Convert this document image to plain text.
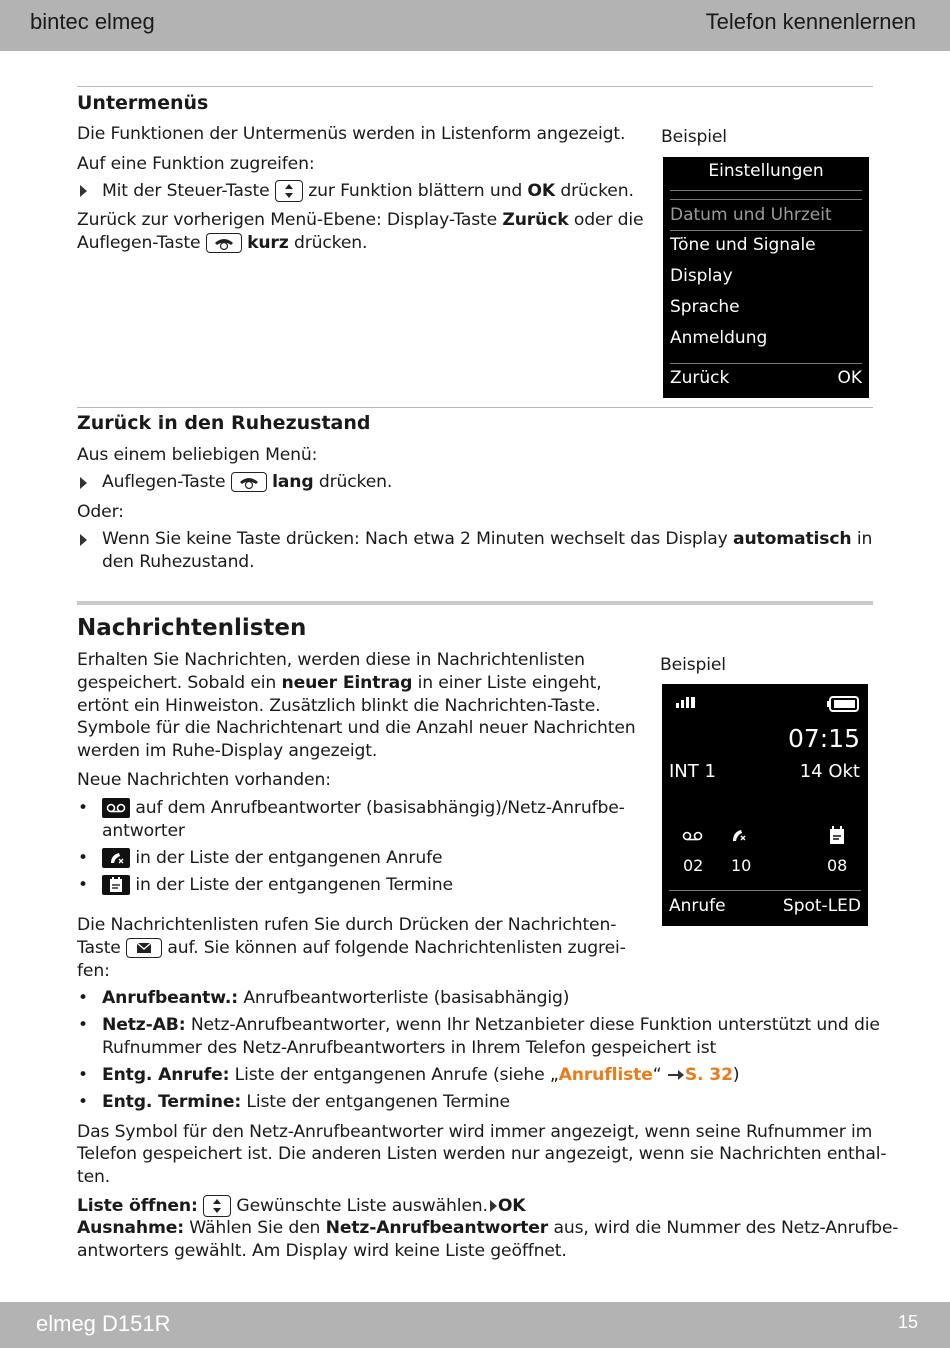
bintec elmeg	Telefon kennenlernen
Untermenüs
Die Funktionen der Untermenüs werden in Listenform angezeigt.
Auf eine Funktion zugreifen:
Mit der Steuer-Taste zur Funktion blättern und OK drücken.
Zurück zur vorherigen Menü-Ebene: Display-Taste Zurück oder die
Auflegen-Taste	kurz drücken.
Beispiel
Einstellungen
Datum und Uhrzeit
Töne und Signale
Display
Sprache
Anmeldung
Zurück	OK
Zurück in den Ruhezustand
Aus einem beliebigen Menü:
Auflegen-Taste	lang drücken.
Oder:
Wenn Sie keine Taste drücken: Nach etwa 2 Minuten wechselt das Display automatisch in
den Ruhezustand.
Nachrichtenlisten
Erhalten Sie Nachrichten, werden diese in Nachrichtenlisten
gespeichert. Sobald ein neuer Eintrag in einer Liste eingeht,
ertönt ein Hinweiston. Zusätzlich blinkt die Nachrichten-Taste.
Symbole für die Nachrichtenart und die Anzahl neuer Nachrichten
werden im Ruhe-Display angezeigt.
Neue Nachrichten vorhanden:
•	auf dem Anrufbeantworter (basisabhängig)/Netz-Anrufbe-
antworter
•	in der Liste der entgangenen Anrufe
•	in der Liste der entgangenen Termine
Die Nachrichtenlisten rufen Sie durch Drücken der Nachrichten-
Taste	auf. Sie können auf folgende Nachrichtenlisten zugrei-
fen:
• Anrufbeantw.: Anrufbeantworterliste (basisabhängig)
• Netz-AB: Netz-Anrufbeantworter, wenn Ihr Netzanbieter diese Funktion unterstützt und die
Rufnummer des Netz-Anrufbeantworters in Ihrem Telefon gespeichert ist
• Entg. Anrufe: Liste der entgangenen Anrufe (siehe „Anrufliste“ S. 32)
• Entg. Termine: Liste der entgangenen Termine
Das Symbol für den Netz-Anrufbeantworter wird immer angezeigt, wenn seine Rufnummer im
Telefon gespeichert ist. Die anderen Listen werden nur angezeigt, wenn sie Nachrichten enthal-
ten.
Liste öffnen: Gewünschte Liste auswählen. OK
Ausnahme: Wählen Sie den Netz-Anrufbeantworter aus, wird die Nummer des Netz-Anrufbe-
antworters gewählt. Am Display wird keine Liste geöffnet.
Beispiel
07:15
INT 1	14 Okt
02 10	08
Anrufe	Spot-LED
elmeg D151R	15
